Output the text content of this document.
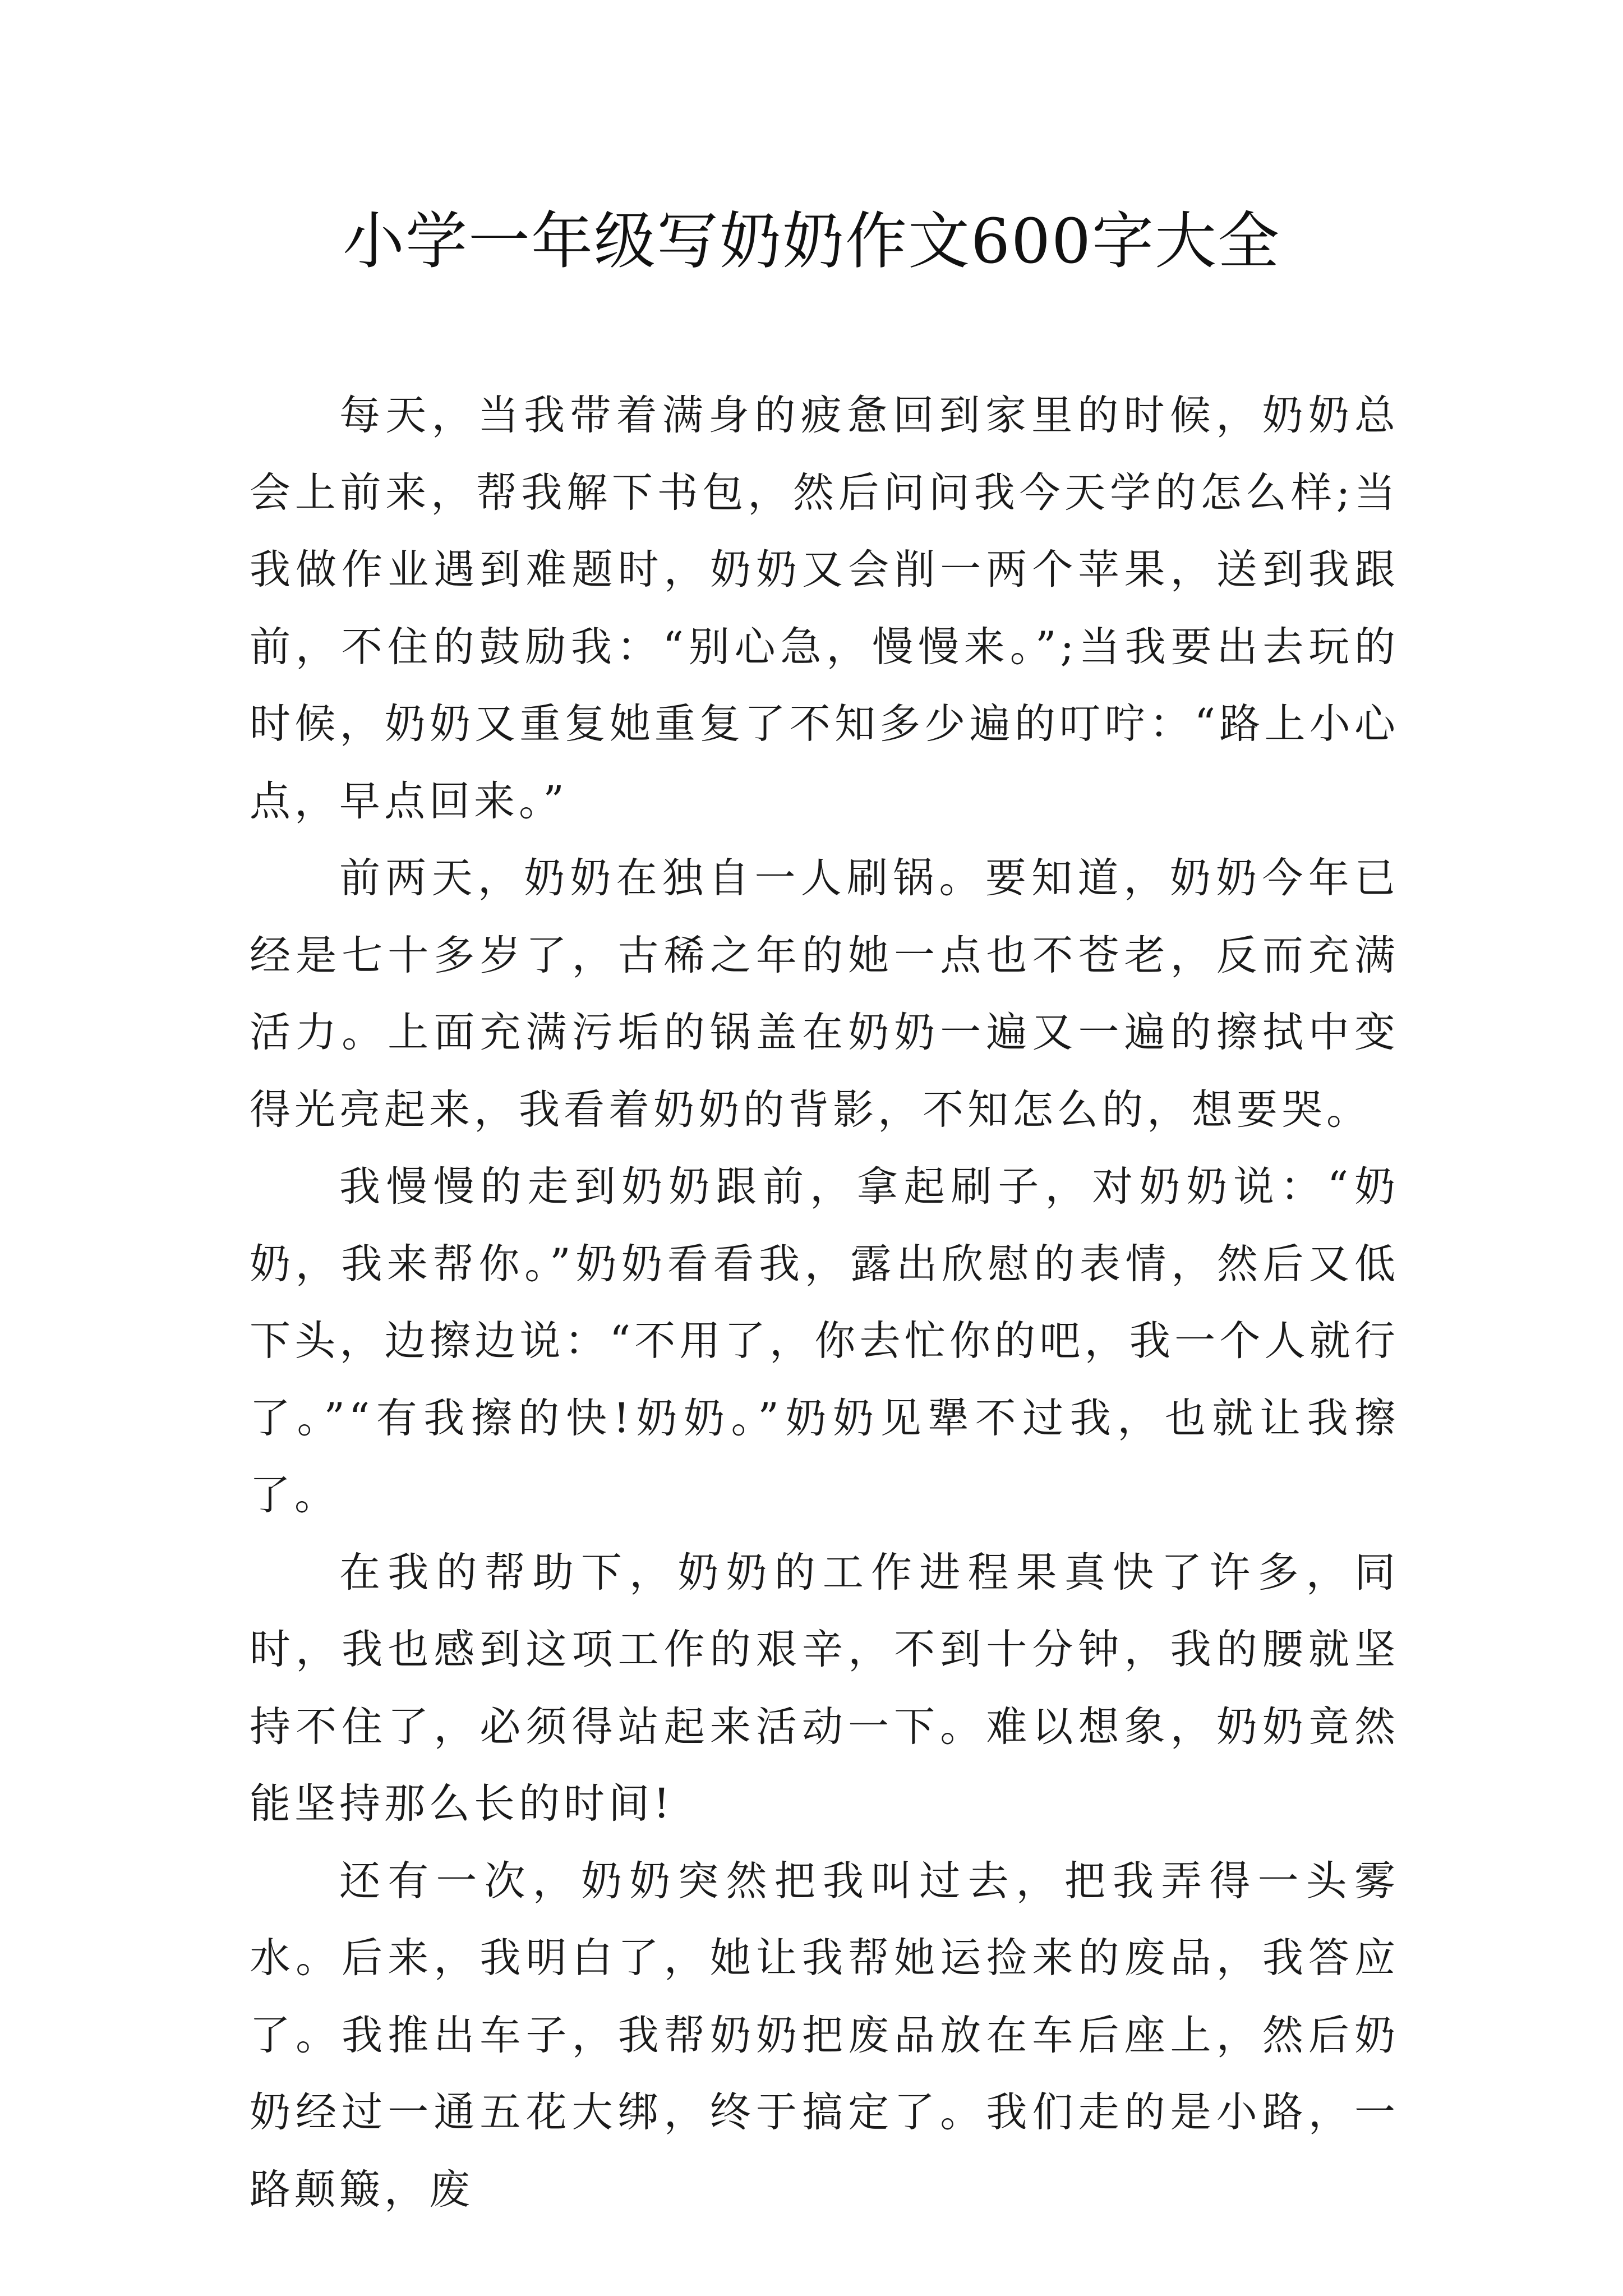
小学一年级写奶奶作文600字大全

每天，当我带着满身的疲惫回到家里的时候，奶奶总会上前来，帮我解下书包，然后问问我今天学的怎么样;当我做作业遇到难题时，奶奶又会削一两个苹果，送到我跟前，不住的鼓励我：“别心急，慢慢来。”;当我要出去玩的时候，奶奶又重复她重复了不知多少遍的叮咛：“路上小心点，早点回来。”

前两天，奶奶在独自一人刷锅。要知道，奶奶今年已经是七十多岁了，古稀之年的她一点也不苍老，反而充满活力。上面充满污垢的锅盖在奶奶一遍又一遍的擦拭中变得光亮起来，我看着奶奶的背影，不知怎么的，想要哭。

我慢慢的走到奶奶跟前，拿起刷子，对奶奶说：“奶奶，我来帮你。”奶奶看看我，露出欣慰的表情，然后又低下头，边擦边说：“不用了，你去忙你的吧，我一个人就行了。”“有我擦的快!奶奶。”奶奶见犟不过我，也就让我擦了。

在我的帮助下，奶奶的工作进程果真快了许多，同时，我也感到这项工作的艰辛，不到十分钟，我的腰就坚持不住了，必须得站起来活动一下。难以想象，奶奶竟然能坚持那么长的时间!

还有一次，奶奶突然把我叫过去，把我弄得一头雾水。后来，我明白了，她让我帮她运捡来的废品，我答应了。我推出车子，我帮奶奶把废品放在车后座上，然后奶奶经过一通五花大绑，终于搞定了。我们走的是小路，一路颠簸，废
